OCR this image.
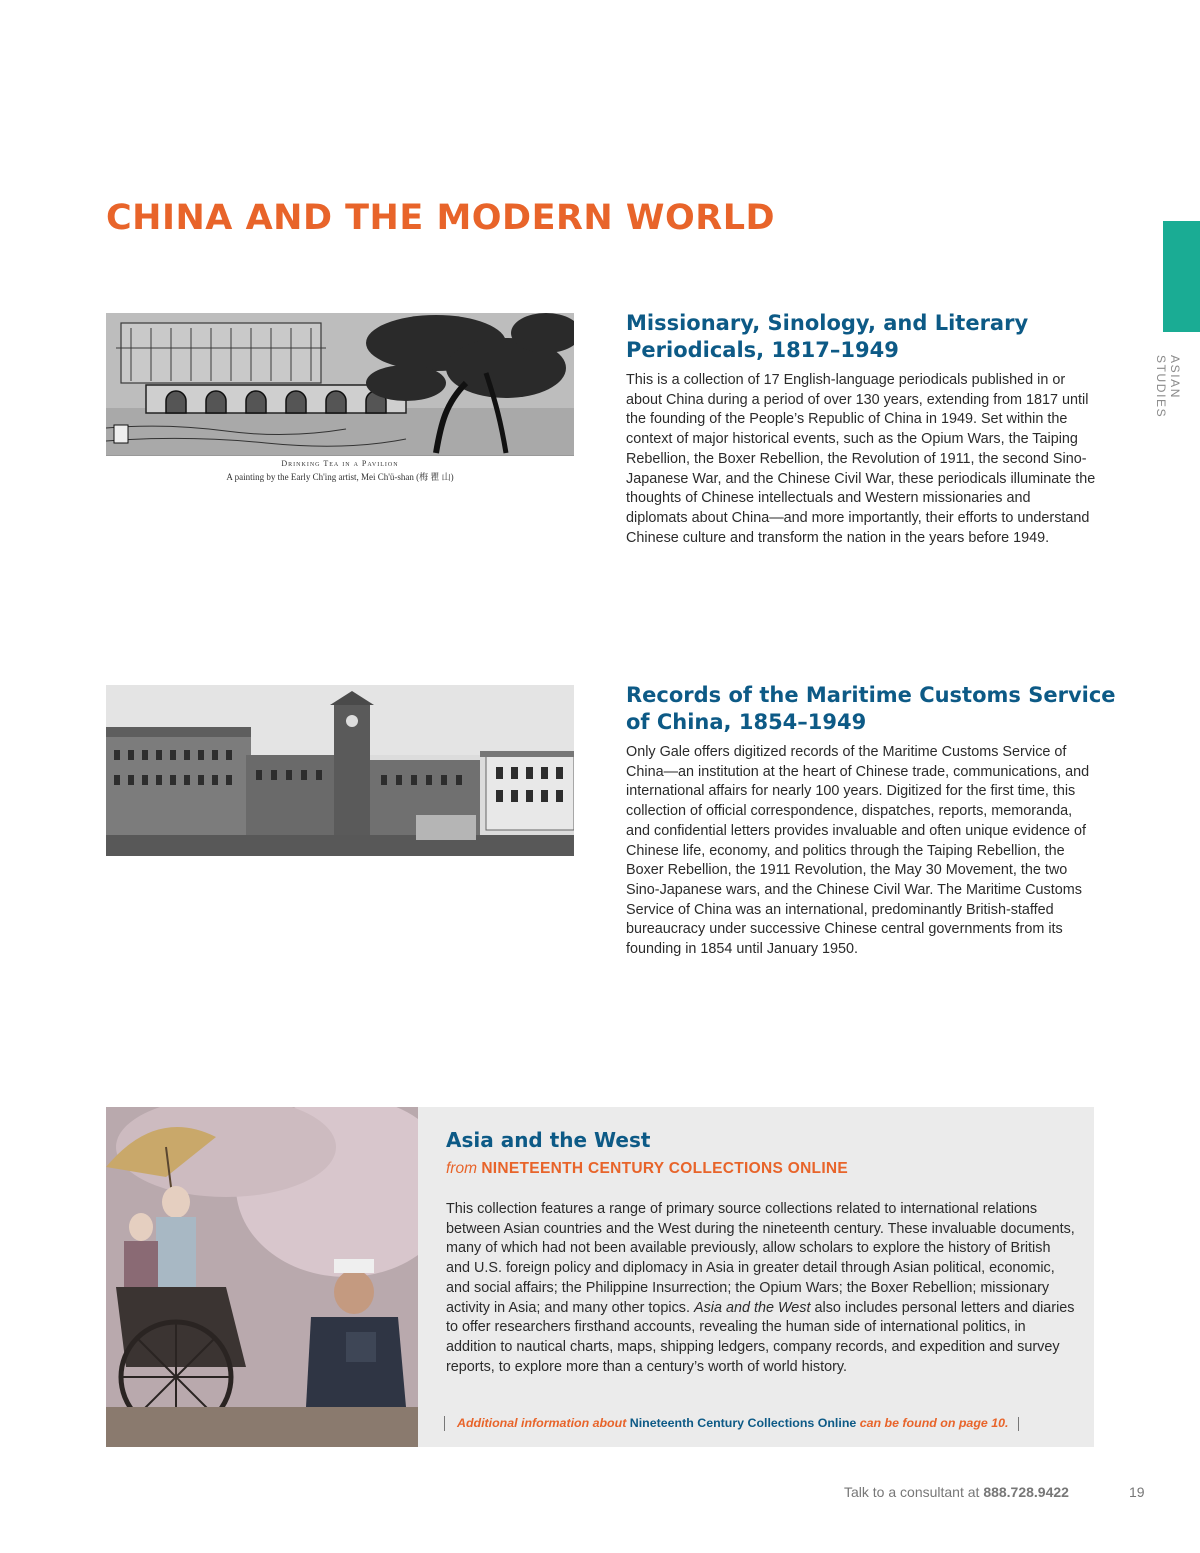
CHINA AND THE MODERN WORLD
ASIAN STUDIES
Drinking Tea in a Pavilion
A painting by the Early Ch'ing artist, Mei Ch'ü-shan (梅 瞿 山)
Missionary, Sinology, and Literary
Periodicals, 1817–1949
This is a collection of 17 English-language periodicals published in or about China during a period of over 130 years, extending from 1817 until the founding of the People’s Republic of China in 1949. Set within the context of major historical events, such as the Opium Wars, the Taiping Rebellion, the Boxer Rebellion, the Revolution of 1911, the second Sino-Japanese War, and the Chinese Civil War, these periodicals illuminate the thoughts of Chinese intellectuals and Western missionaries and diplomats about China—and more importantly, their efforts to understand Chinese culture and transform the nation in the years before 1949.
Records of the Maritime Customs Service
of China, 1854–1949
Only Gale offers digitized records of the Maritime Customs Service of China—an institution at the heart of Chinese trade, communications, and international affairs for nearly 100 years. Digitized for the first time, this collection of official correspondence, dispatches, reports, memoranda, and confidential letters provides invaluable and often unique evidence of Chinese life, economy, and politics through the Taiping Rebellion, the Boxer Rebellion, the 1911 Revolution, the May 30 Movement, the two Sino-Japanese wars, and the Chinese Civil War. The Maritime Customs Service of China was an international, predominantly British-staffed bureaucracy under successive Chinese central governments from its founding in 1854 until January 1950.
Asia and the West
from NINETEENTH CENTURY COLLECTIONS ONLINE
This collection features a range of primary source collections related to international relations between Asian countries and the West during the nineteenth century. These invaluable documents, many of which had not been available previously, allow scholars to explore the history of British and U.S. foreign policy and diplomacy in Asia in greater detail through Asian political, economic, and social affairs; the Philippine Insurrection; the Opium Wars; the Boxer Rebellion; missionary activity in Asia; and many other topics. Asia and the West also includes personal letters and diaries to offer researchers firsthand accounts, revealing the human side of international politics, in addition to nautical charts, maps, shipping ledgers, company records, and expedition and survey reports, to explore more than a century’s worth of world history.
Additional information about Nineteenth Century Collections Online can be found on page 10.
Talk to a consultant at 888.728.9422	19
